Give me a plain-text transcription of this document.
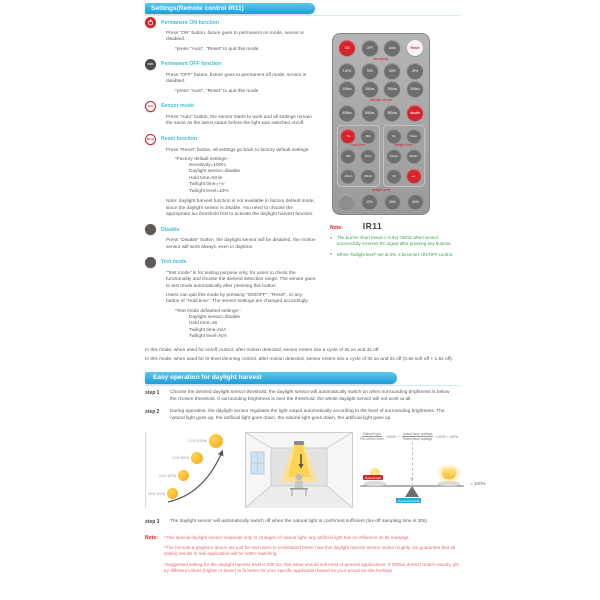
Settings(Remote control IR11)
Permanent ON function

Press "ON" button, fixture goes to permanent on mode, sensor is disabled.

*press "Auto", "Reset" to quit this mode.

OFF	Permanent OFF function

Press "OFF" button, fixture goes to permanent off mode, sensor is disabled.

*press "Auto", "Reset" to quit this mode.

Auto	Sensor mode

Press "Auto" button, the sensor starts to work and all settings remain the same as the latest status before the light was switched on/off.

Reset	Reset function

Press "Reset" button, all settings go back to factory default settings.

*Factory default settings--
Sensitivity=100%
Daylight sensor=disable
Hold time=5min
Twilight time=+∞
Twilight level=10%

Note: daylight harvest function is not available in factory default mode, since the daylight sensor is disable. You need to choose the appropriate lux threshold first to activate the daylight harvest function.

Disable

Press "Disable" button, the daylight sensor will be disabled, the motion sensor will work always, even in daytime.

Test mode

"Test mode" is for testing purpose only, for users to check the functionality and choose the desired detection range. The sensor goes to test mode automatically after pressing this button.

Users can quit this mode by pressing "ON/OFF", "Reset", or any button of "Hold time". The sensor settings are changed accordingly.

*Test mode defaulted settings--
Daylight sensor=disable
Hold time=3s
Twilight time=N/A
Twilight level=N/A
ON	OFF	Auto	Reset
sensitivity
100%	75%	50%	25%
100lux	150lux	200lux	300lux
daylight sensor
400lux	500lux	800lux	disable
5s	30s
90s	5min
10min	30min
hold time
0s	5min
10min	30min
1h	+∞
twilight time
twilight level
10%	30%	50%
Note: IR11
● The buzzer short beeps (~0.5s) ONCE when sensor successfully receives RC signal after pressing any buttons.
● When "twilight level" set at 0%, it becomes ON/OFF control.

In this mode, when used for on/off control, after motion detected, sensor enters into a cycle of 3s on and 3s off.

In this mode, when used for tri-level dimming control, after motion detected, sensor enters into a cycle of 3s on and 2s off (0.5s soft off + 1.5s off).

Easy operation for daylight harvest
step 1	Choose the desired daylight sensor threshold, the daylight sensor will automatically switch on when surrounding brightness is below the chosen threshold. If surrounding brightness is over the threshold, the whole daylight sensor will not work at all.
step 2	During operation, the daylight sensor regulates the light output automatically according to the level of surrounding brightness. The natural light goes up, the artificial light goes down, the natural light goes down, the artificial light goes up.
12:00 (100%)
10:00 (80%)
09:00 (50%)
08:00 (20%)
$\frac{\text{Natural light}}{\text{Pre-set lux level}} \times 100\% + \frac{\text{Actual lamp wattage}}{\text{Rated lamp wattage}} \times 100\% = 100\%$
Natural light	+
= 100%
Pre-set lux level
step 3	The daylight sensor will automatically switch off when the natural light is confirmed sufficient (lux-off sampling time is 30s).
Note: *This special daylight sensor responds only to changes of natural light, any artificial light has no influence on its readings.
*The formula & graphics above are just for end users to understand better how this daylight harvest sensor works roughly. No guarantee that all testing results in real application will be 100% matching.
*Suggested setting for the daylight harvest level is 300 lux, this value should suit most of general applications. If 300lux doesn't match exactly, pls try different values (higher or lower) to fit better for your specific application based on your actual on-site feelings.
